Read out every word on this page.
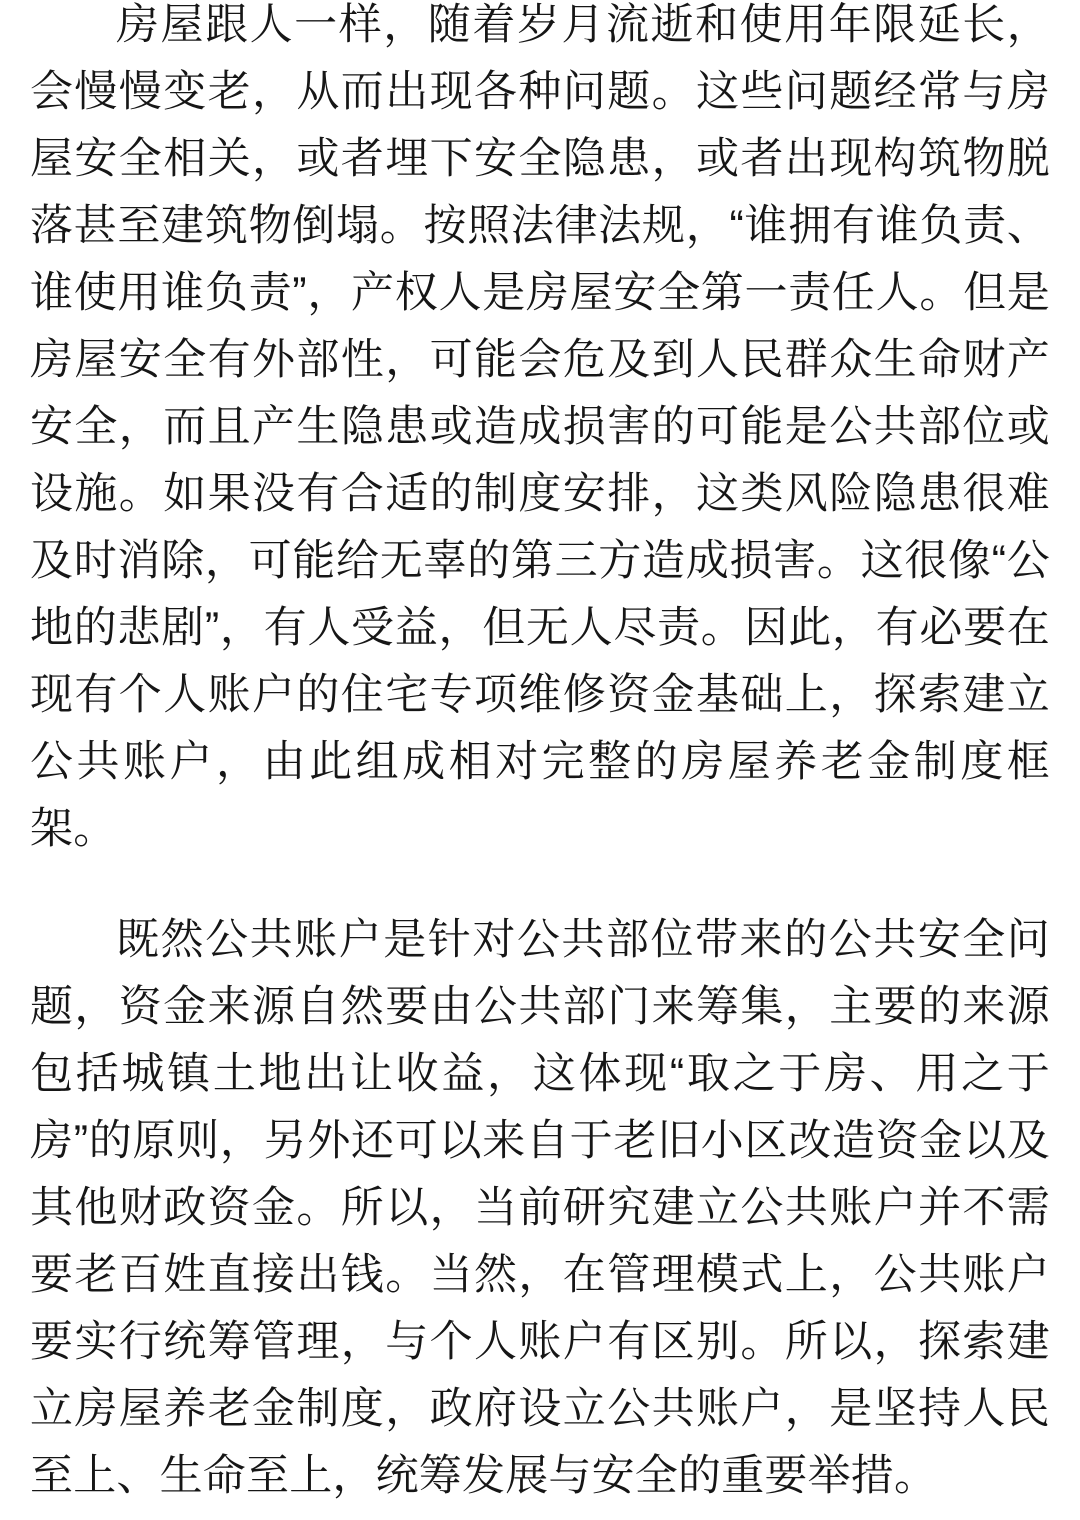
房屋跟人一样，随着岁月流逝和使用年限延长，会慢慢变老，从而出现各种问题。这些问题经常与房屋安全相关，或者埋下安全隐患，或者出现构筑物脱落甚至建筑物倒塌。按照法律法规，“谁拥有谁负责、谁使用谁负责”，产权人是房屋安全第一责任人。但是房屋安全有外部性，可能会危及到人民群众生命财产安全，而且产生隐患或造成损害的可能是公共部位或设施。如果没有合适的制度安排，这类风险隐患很难及时消除，可能给无辜的第三方造成损害。这很像“公地的悲剧”，有人受益，但无人尽责。因此，有必要在现有个人账户的住宅专项维修资金基础上，探索建立公共账户，由此组成相对完整的房屋养老金制度框架。

既然公共账户是针对公共部位带来的公共安全问题，资金来源自然要由公共部门来筹集，主要的来源包括城镇土地出让收益，这体现“取之于房、用之于房”的原则，另外还可以来自于老旧小区改造资金以及其他财政资金。所以，当前研究建立公共账户并不需要老百姓直接出钱。当然，在管理模式上，公共账户要实行统筹管理，与个人账户有区别。所以，探索建立房屋养老金制度，政府设立公共账户，是坚持人民至上、生命至上，统筹发展与安全的重要举措。
